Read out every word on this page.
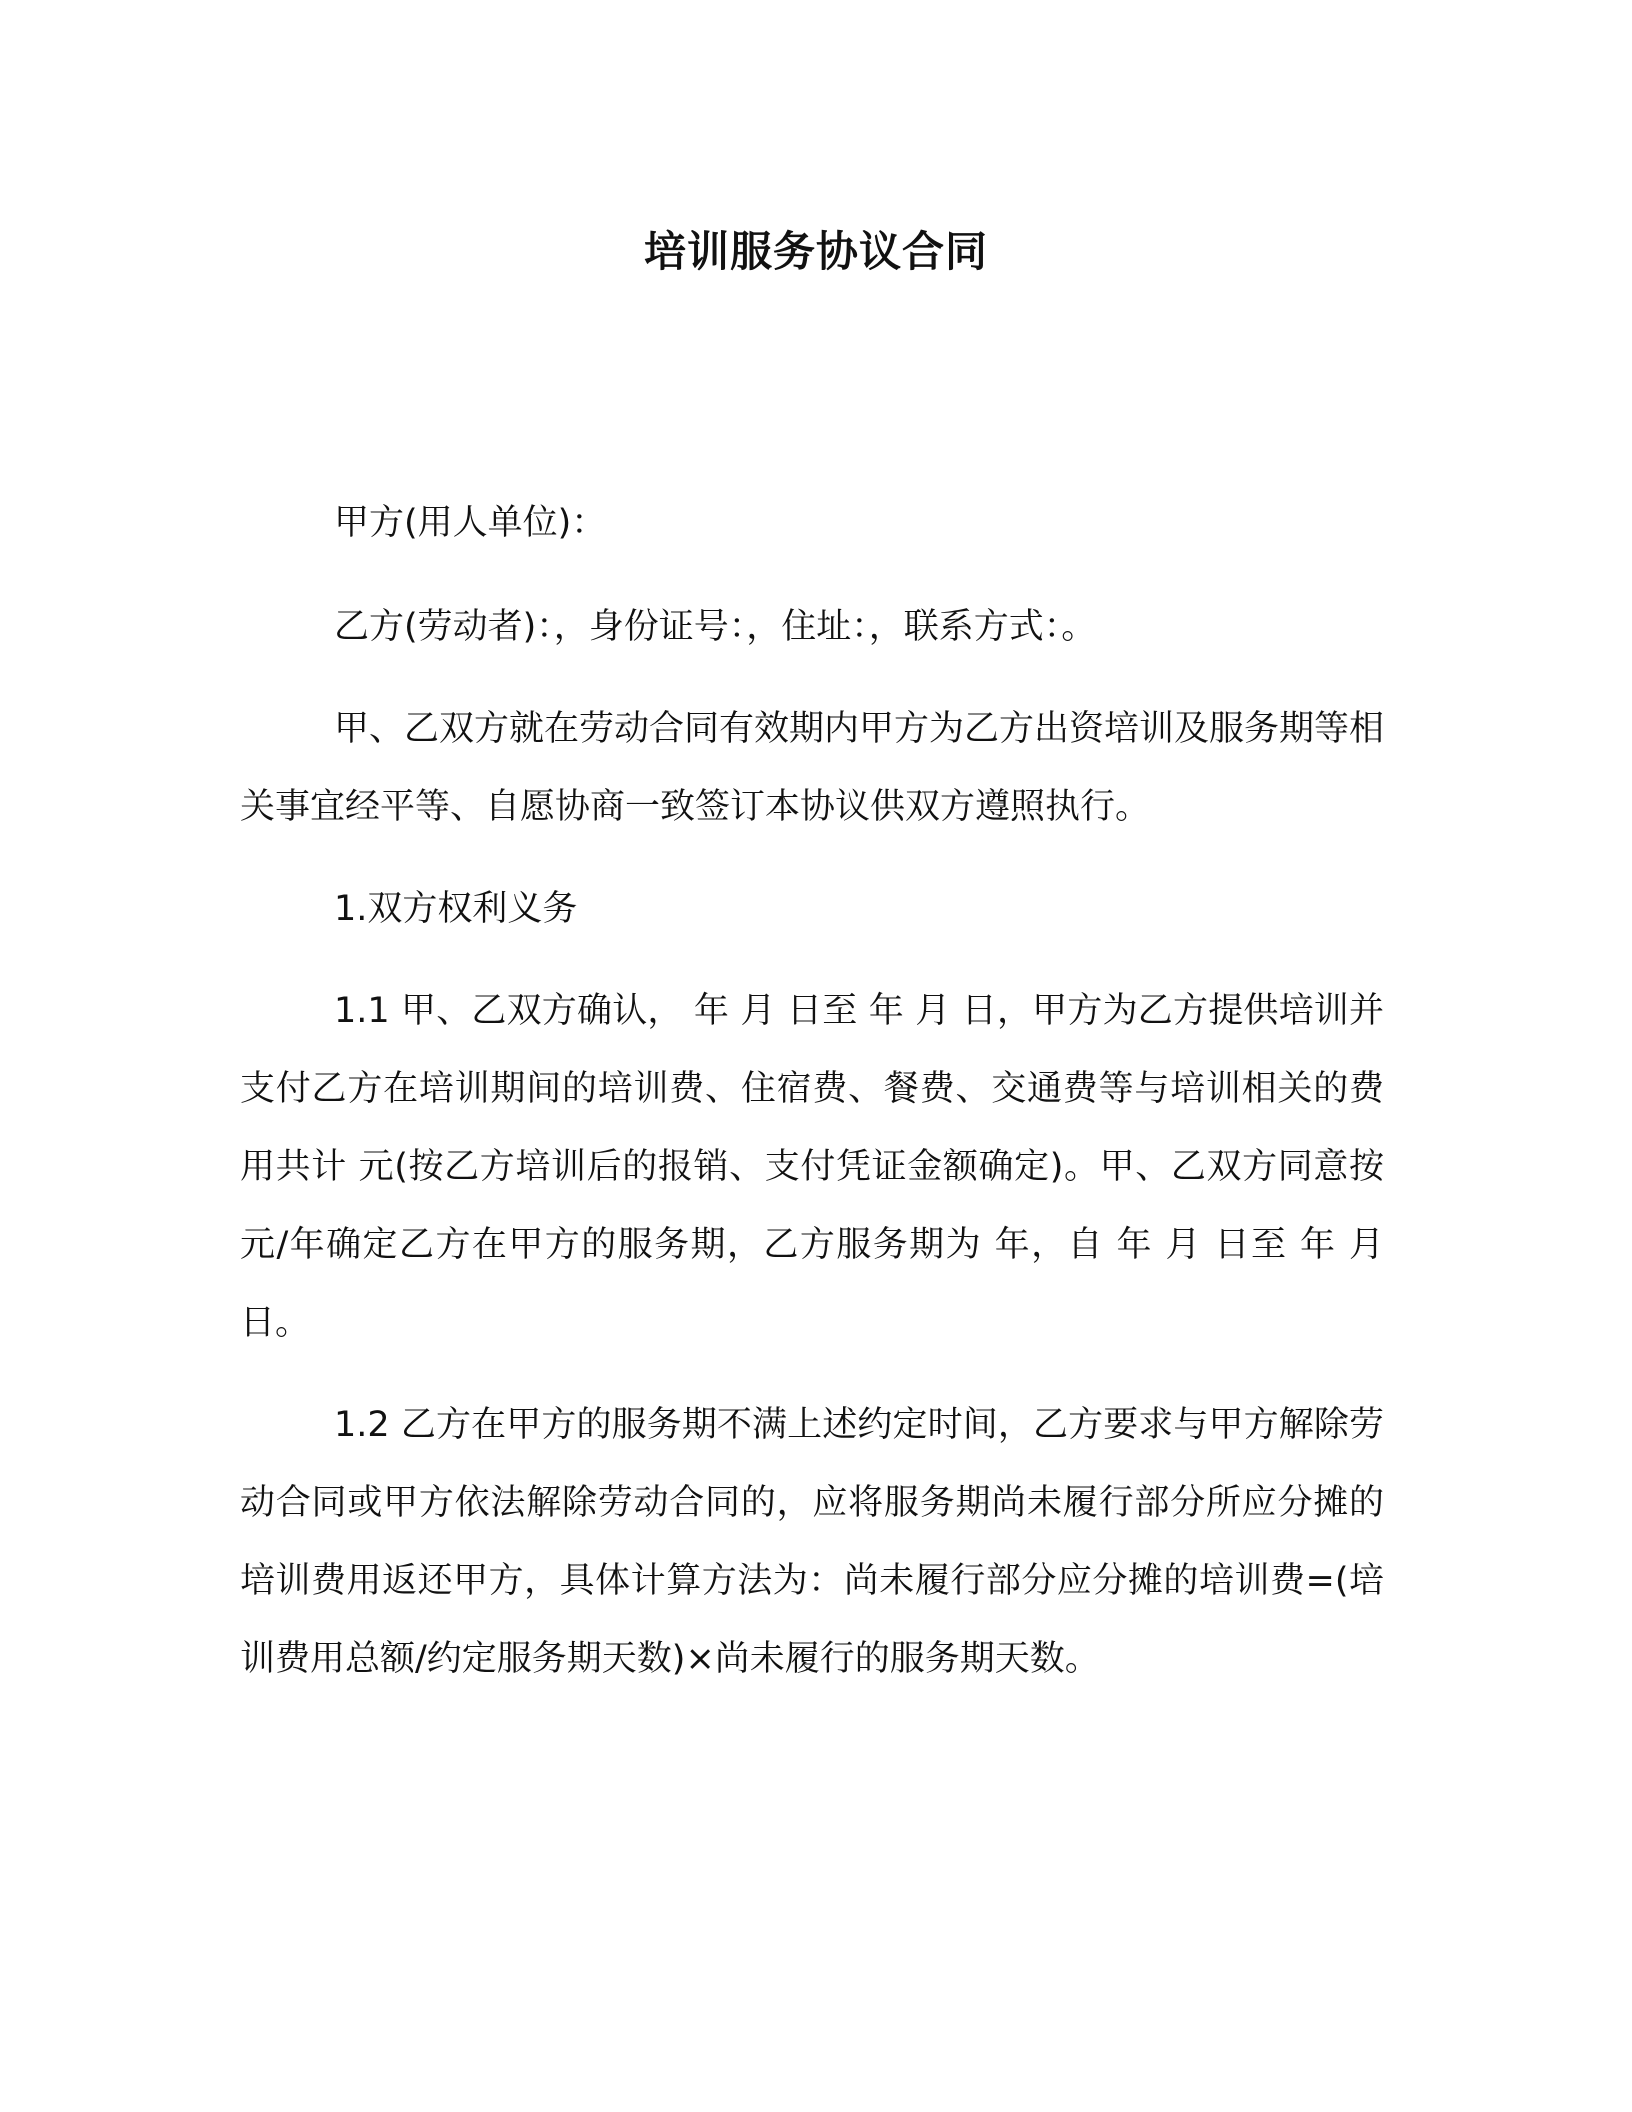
培训服务协议合同

甲方(用人单位)：

乙方(劳动者)：，身份证号：，住址：，联系方式：。

甲、乙双方就在劳动合同有效期内甲方为乙方出资培训及服务期等相关事宜经平等、自愿协商一致签订本协议供双方遵照执行。

1.双方权利义务

1.1 甲、乙双方确认， 年 月 日至 年 月 日，甲方为乙方提供培训并支付乙方在培训期间的培训费、住宿费、餐费、交通费等与培训相关的费用共计 元(按乙方培训后的报销、支付凭证金额确定)。甲、乙双方同意按 元/年确定乙方在甲方的服务期，乙方服务期为 年，自 年 月 日至 年 月 日。

1.2 乙方在甲方的服务期不满上述约定时间，乙方要求与甲方解除劳动合同或甲方依法解除劳动合同的，应将服务期尚未履行部分所应分摊的培训费用返还甲方，具体计算方法为：尚未履行部分应分摊的培训费=(培训费用总额/约定服务期天数)×尚未履行的服务期天数。
